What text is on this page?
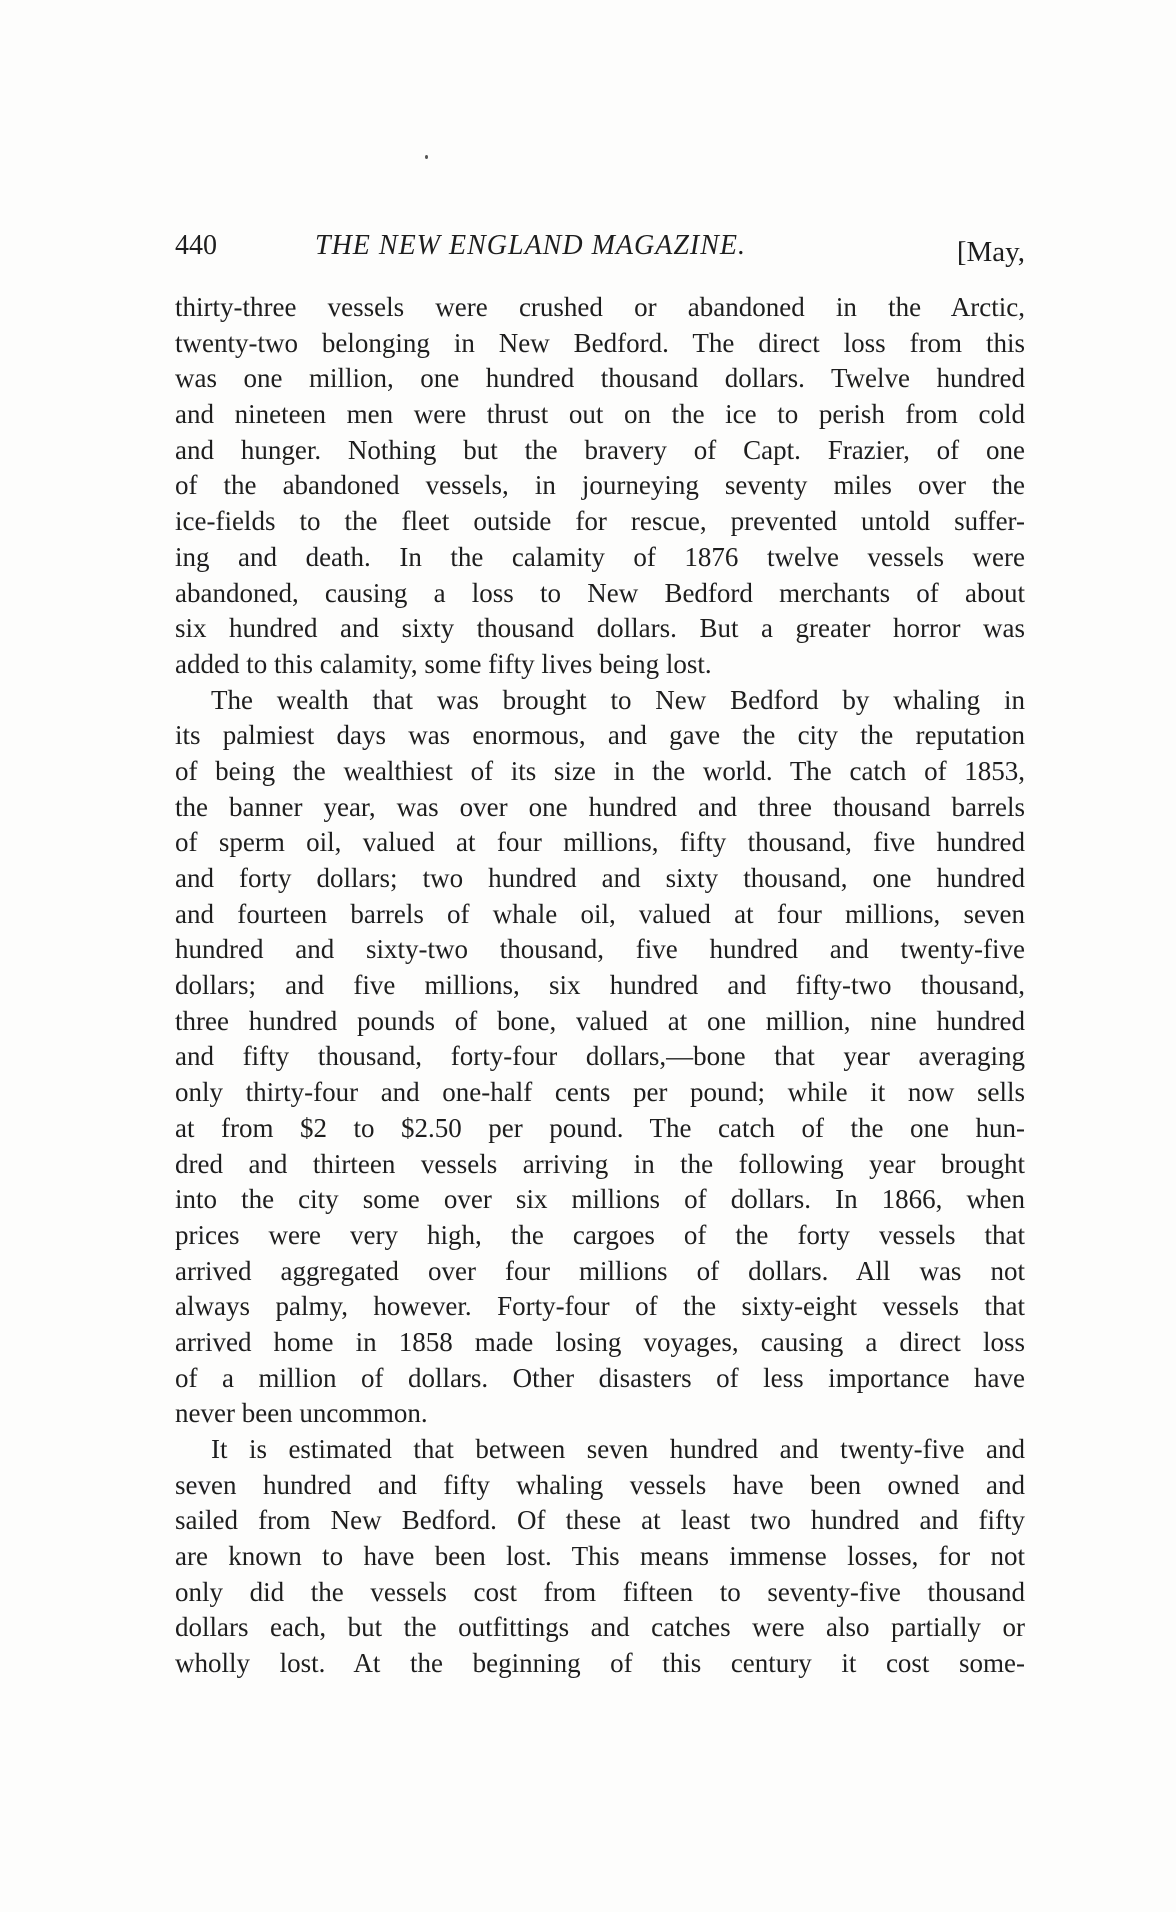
440	THE NEW ENGLAND MAGAZINE.	[May,
thirty-three vessels were crushed or abandoned in the Arctic,
twenty-two belonging in New Bedford. The direct loss from this
was one million, one hundred thousand dollars. Twelve hundred
and nineteen men were thrust out on the ice to perish from cold
and hunger. Nothing but the bravery of Capt. Frazier, of one
of the abandoned vessels, in journeying seventy miles over the
ice-fields to the fleet outside for rescue, prevented untold suffer-
ing and death. In the calamity of 1876 twelve vessels were
abandoned, causing a loss to New Bedford merchants of about
six hundred and sixty thousand dollars. But a greater horror was
added to this calamity, some fifty lives being lost.
The wealth that was brought to New Bedford by whaling in
its palmiest days was enormous, and gave the city the reputation
of being the wealthiest of its size in the world. The catch of 1853,
the banner year, was over one hundred and three thousand barrels
of sperm oil, valued at four millions, fifty thousand, five hundred
and forty dollars; two hundred and sixty thousand, one hundred
and fourteen barrels of whale oil, valued at four millions, seven
hundred and sixty-two thousand, five hundred and twenty-five
dollars; and five millions, six hundred and fifty-two thousand,
three hundred pounds of bone, valued at one million, nine hundred
and fifty thousand, forty-four dollars,—bone that year averaging
only thirty-four and one-half cents per pound; while it now sells
at from $2 to $2.50 per pound. The catch of the one hun-
dred and thirteen vessels arriving in the following year brought
into the city some over six millions of dollars. In 1866, when
prices were very high, the cargoes of the forty vessels that
arrived aggregated over four millions of dollars. All was not
always palmy, however. Forty-four of the sixty-eight vessels that
arrived home in 1858 made losing voyages, causing a direct loss
of a million of dollars. Other disasters of less importance have
never been uncommon.
It is estimated that between seven hundred and twenty-five and
seven hundred and fifty whaling vessels have been owned and
sailed from New Bedford. Of these at least two hundred and fifty
are known to have been lost. This means immense losses, for not
only did the vessels cost from fifteen to seventy-five thousand
dollars each, but the outfittings and catches were also partially or
wholly lost. At the beginning of this century it cost some-
